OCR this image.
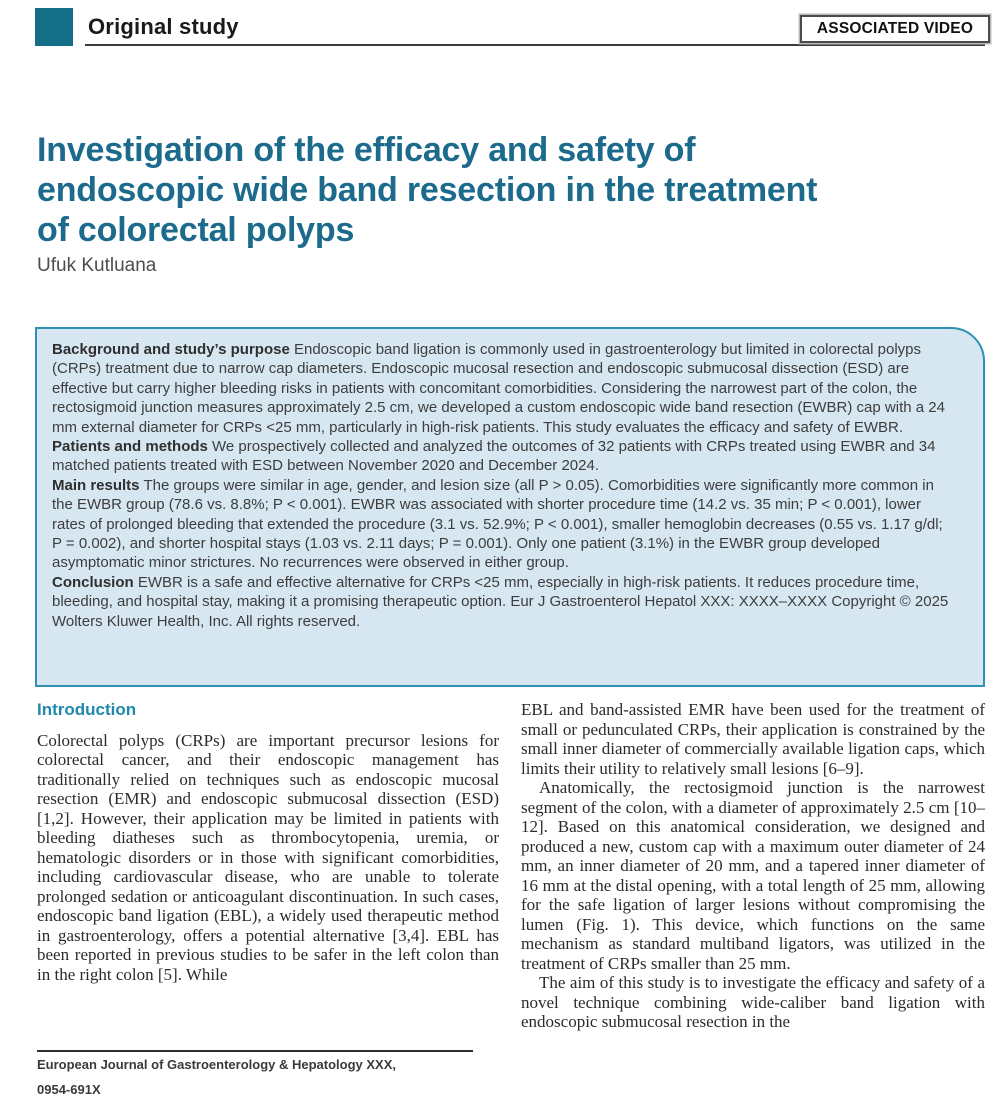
Original study	ASSOCIATED VIDEO
Investigation of the efficacy and safety of
endoscopic wide band resection in the treatment
of colorectal polyps
Ufuk Kutluana

Background and study’s purpose Endoscopic band ligation is commonly used in gastroenterology but limited in colorectal polyps (CRPs) treatment due to narrow cap diameters. Endoscopic mucosal resection and endoscopic submucosal dissection (ESD) are effective but carry higher bleeding risks in patients with concomitant comorbidities. Considering the narrowest part of the colon, the rectosigmoid junction measures approximately 2.5 cm, we developed a custom endoscopic wide band resection (EWBR) cap with a 24 mm external diameter for CRPs <25 mm, particularly in high-risk patients. This study evaluates the efficacy and safety of EWBR.

Patients and methods We prospectively collected and analyzed the outcomes of 32 patients with CRPs treated using EWBR and 34 matched patients treated with ESD between November 2020 and December 2024.

Main results The groups were similar in age, gender, and lesion size (all P > 0.05). Comorbidities were significantly more common in the EWBR group (78.6 vs. 8.8%; P < 0.001). EWBR was associated with shorter procedure time (14.2 vs. 35 min; P < 0.001), lower rates of prolonged bleeding that extended the procedure (3.1 vs. 52.9%; P < 0.001), smaller hemoglobin decreases (0.55 vs. 1.17 g/dl; P = 0.002), and shorter hospital stays (1.03 vs. 2.11 days; P = 0.001). Only one patient (3.1%) in the EWBR group developed asymptomatic minor strictures. No recurrences were observed in either group.

Conclusion EWBR is a safe and effective alternative for CRPs <25 mm, especially in high-risk patients. It reduces procedure time, bleeding, and hospital stay, making it a promising therapeutic option. Eur J Gastroenterol Hepatol XXX: XXXX–XXXX Copyright © 2025 Wolters Kluwer Health, Inc. All rights reserved.

Introduction

Colorectal polyps (CRPs) are important precursor lesions for colorectal cancer, and their endoscopic management has traditionally relied on techniques such as endoscopic mucosal resection (EMR) and endoscopic submucosal dissection (ESD) [1,2]. However, their application may be limited in patients with bleeding diatheses such as thrombocytopenia, uremia, or hematologic disorders or in those with significant comorbidities, including cardiovascular disease, who are unable to tolerate prolonged sedation or anticoagulant discontinuation. In such cases, endoscopic band ligation (EBL), a widely used therapeutic method in gastroenterology, offers a potential alternative [3,4]. EBL has been reported in previous studies to be safer in the left colon than in the right colon [5]. While

EBL and band-assisted EMR have been used for the treatment of small or pedunculated CRPs, their application is constrained by the small inner diameter of commercially available ligation caps, which limits their utility to relatively small lesions [6–9].

Anatomically, the rectosigmoid junction is the narrowest segment of the colon, with a diameter of approximately 2.5 cm [10–12]. Based on this anatomical consideration, we designed and produced a new, custom cap with a maximum outer diameter of 24 mm, an inner diameter of 20 mm, and a tapered inner diameter of 16 mm at the distal opening, with a total length of 25 mm, allowing for the safe ligation of larger lesions without compromising the lumen (Fig. 1). This device, which functions on the same mechanism as standard multiband ligators, was utilized in the treatment of CRPs smaller than 25 mm.

The aim of this study is to investigate the efficacy and safety of a novel technique combining wide-caliber band ligation with endoscopic submucosal resection in the

European Journal of Gastroenterology & Hepatology XXX,
0954-691X
